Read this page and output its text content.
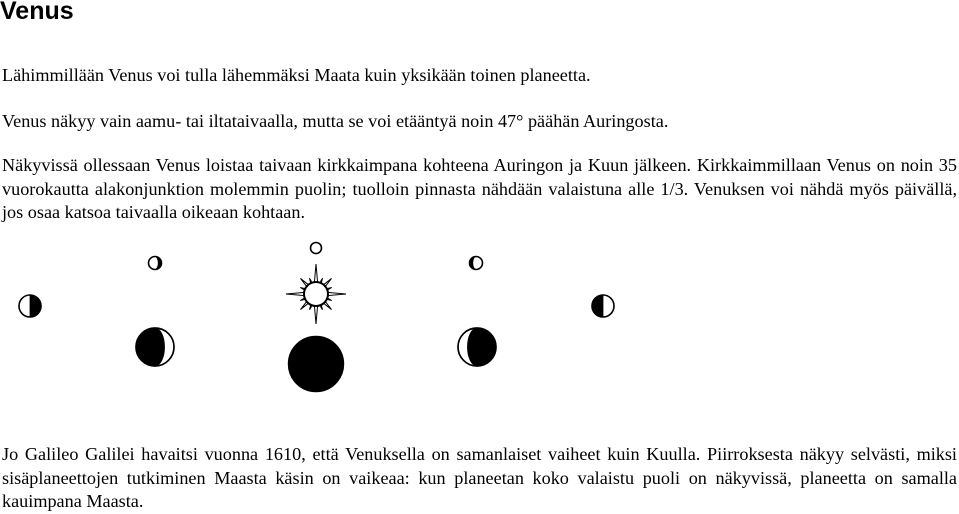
Venus

Lähimmillään Venus voi tulla lähemmäksi Maata kuin yksikään toinen planeetta.

Venus näkyy vain aamu- tai iltataivaalla, mutta se voi etääntyä noin 47° päähän Auringosta.

Näkyvissä ollessaan Venus loistaa taivaan kirkkaimpana kohteena Auringon ja Kuun jälkeen. Kirkkaimmillaan Venus on noin 35 vuorokautta alakonjunktion molemmin puolin; tuolloin pinnasta nähdään valaistuna alle 1/3. Venuksen voi nähdä myös päivällä, jos osaa katsoa taivaalla oikeaan kohtaan.

Jo Galileo Galilei havaitsi vuonna 1610, että Venuksella on samanlaiset vaiheet kuin Kuulla. Piirroksesta näkyy selvästi, miksi sisäplaneettojen tutkiminen Maasta käsin on vaikeaa: kun planeetan koko valaistu puoli on näkyvissä, planeetta on samalla kauimpana Maasta.
